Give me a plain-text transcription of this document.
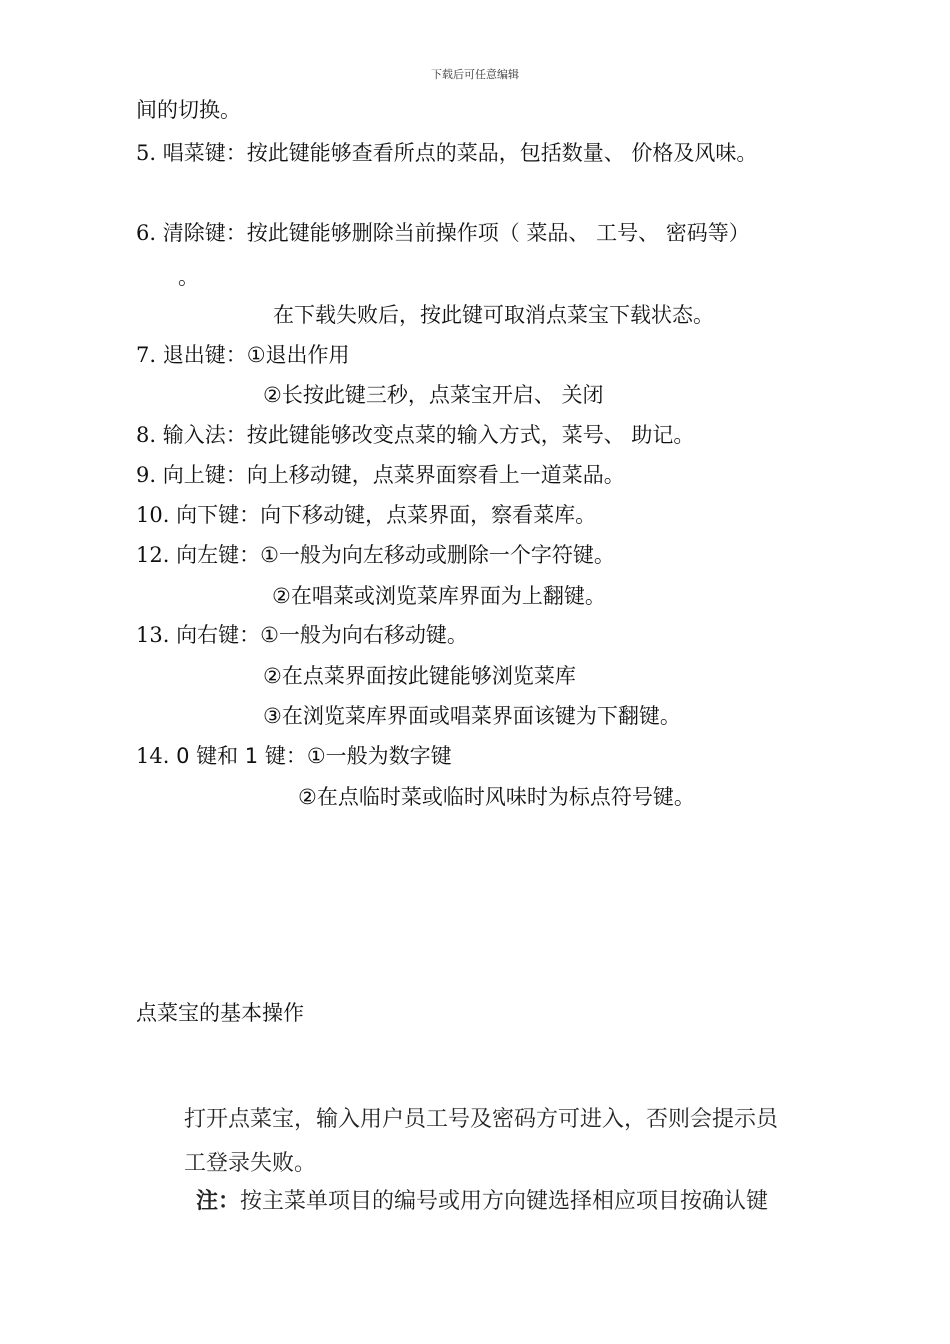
下载后可任意编辑
间的切换。
5. 唱菜键：按此键能够查看所点的菜品，包括数量、 价格及风味。
6. 清除键：按此键能够删除当前操作项（ 菜品、 工号、 密码等）
。
在下载失败后，按此键可取消点菜宝下载状态。
7. 退出键：①退出作用
②长按此键三秒，点菜宝开启、 关闭
8. 输入法：按此键能够改变点菜的输入方式，菜号、 助记。
9. 向上键：向上移动键，点菜界面察看上一道菜品。
10. 向下键：向下移动键，点菜界面，察看菜库。
12. 向左键：①一般为向左移动或删除一个字符键。
②在唱菜或浏览菜库界面为上翻键。
13. 向右键：①一般为向右移动键。
②在点菜界面按此键能够浏览菜库
③在浏览菜库界面或唱菜界面该键为下翻键。
14. 0 键和 1 键：①一般为数字键
②在点临时菜或临时风味时为标点符号键。
点菜宝的基本操作
打开点菜宝，输入用户员工号及密码方可进入，否则会提示员
工登录失败。
注：按主菜单项目的编号或用方向键选择相应项目按确认键
